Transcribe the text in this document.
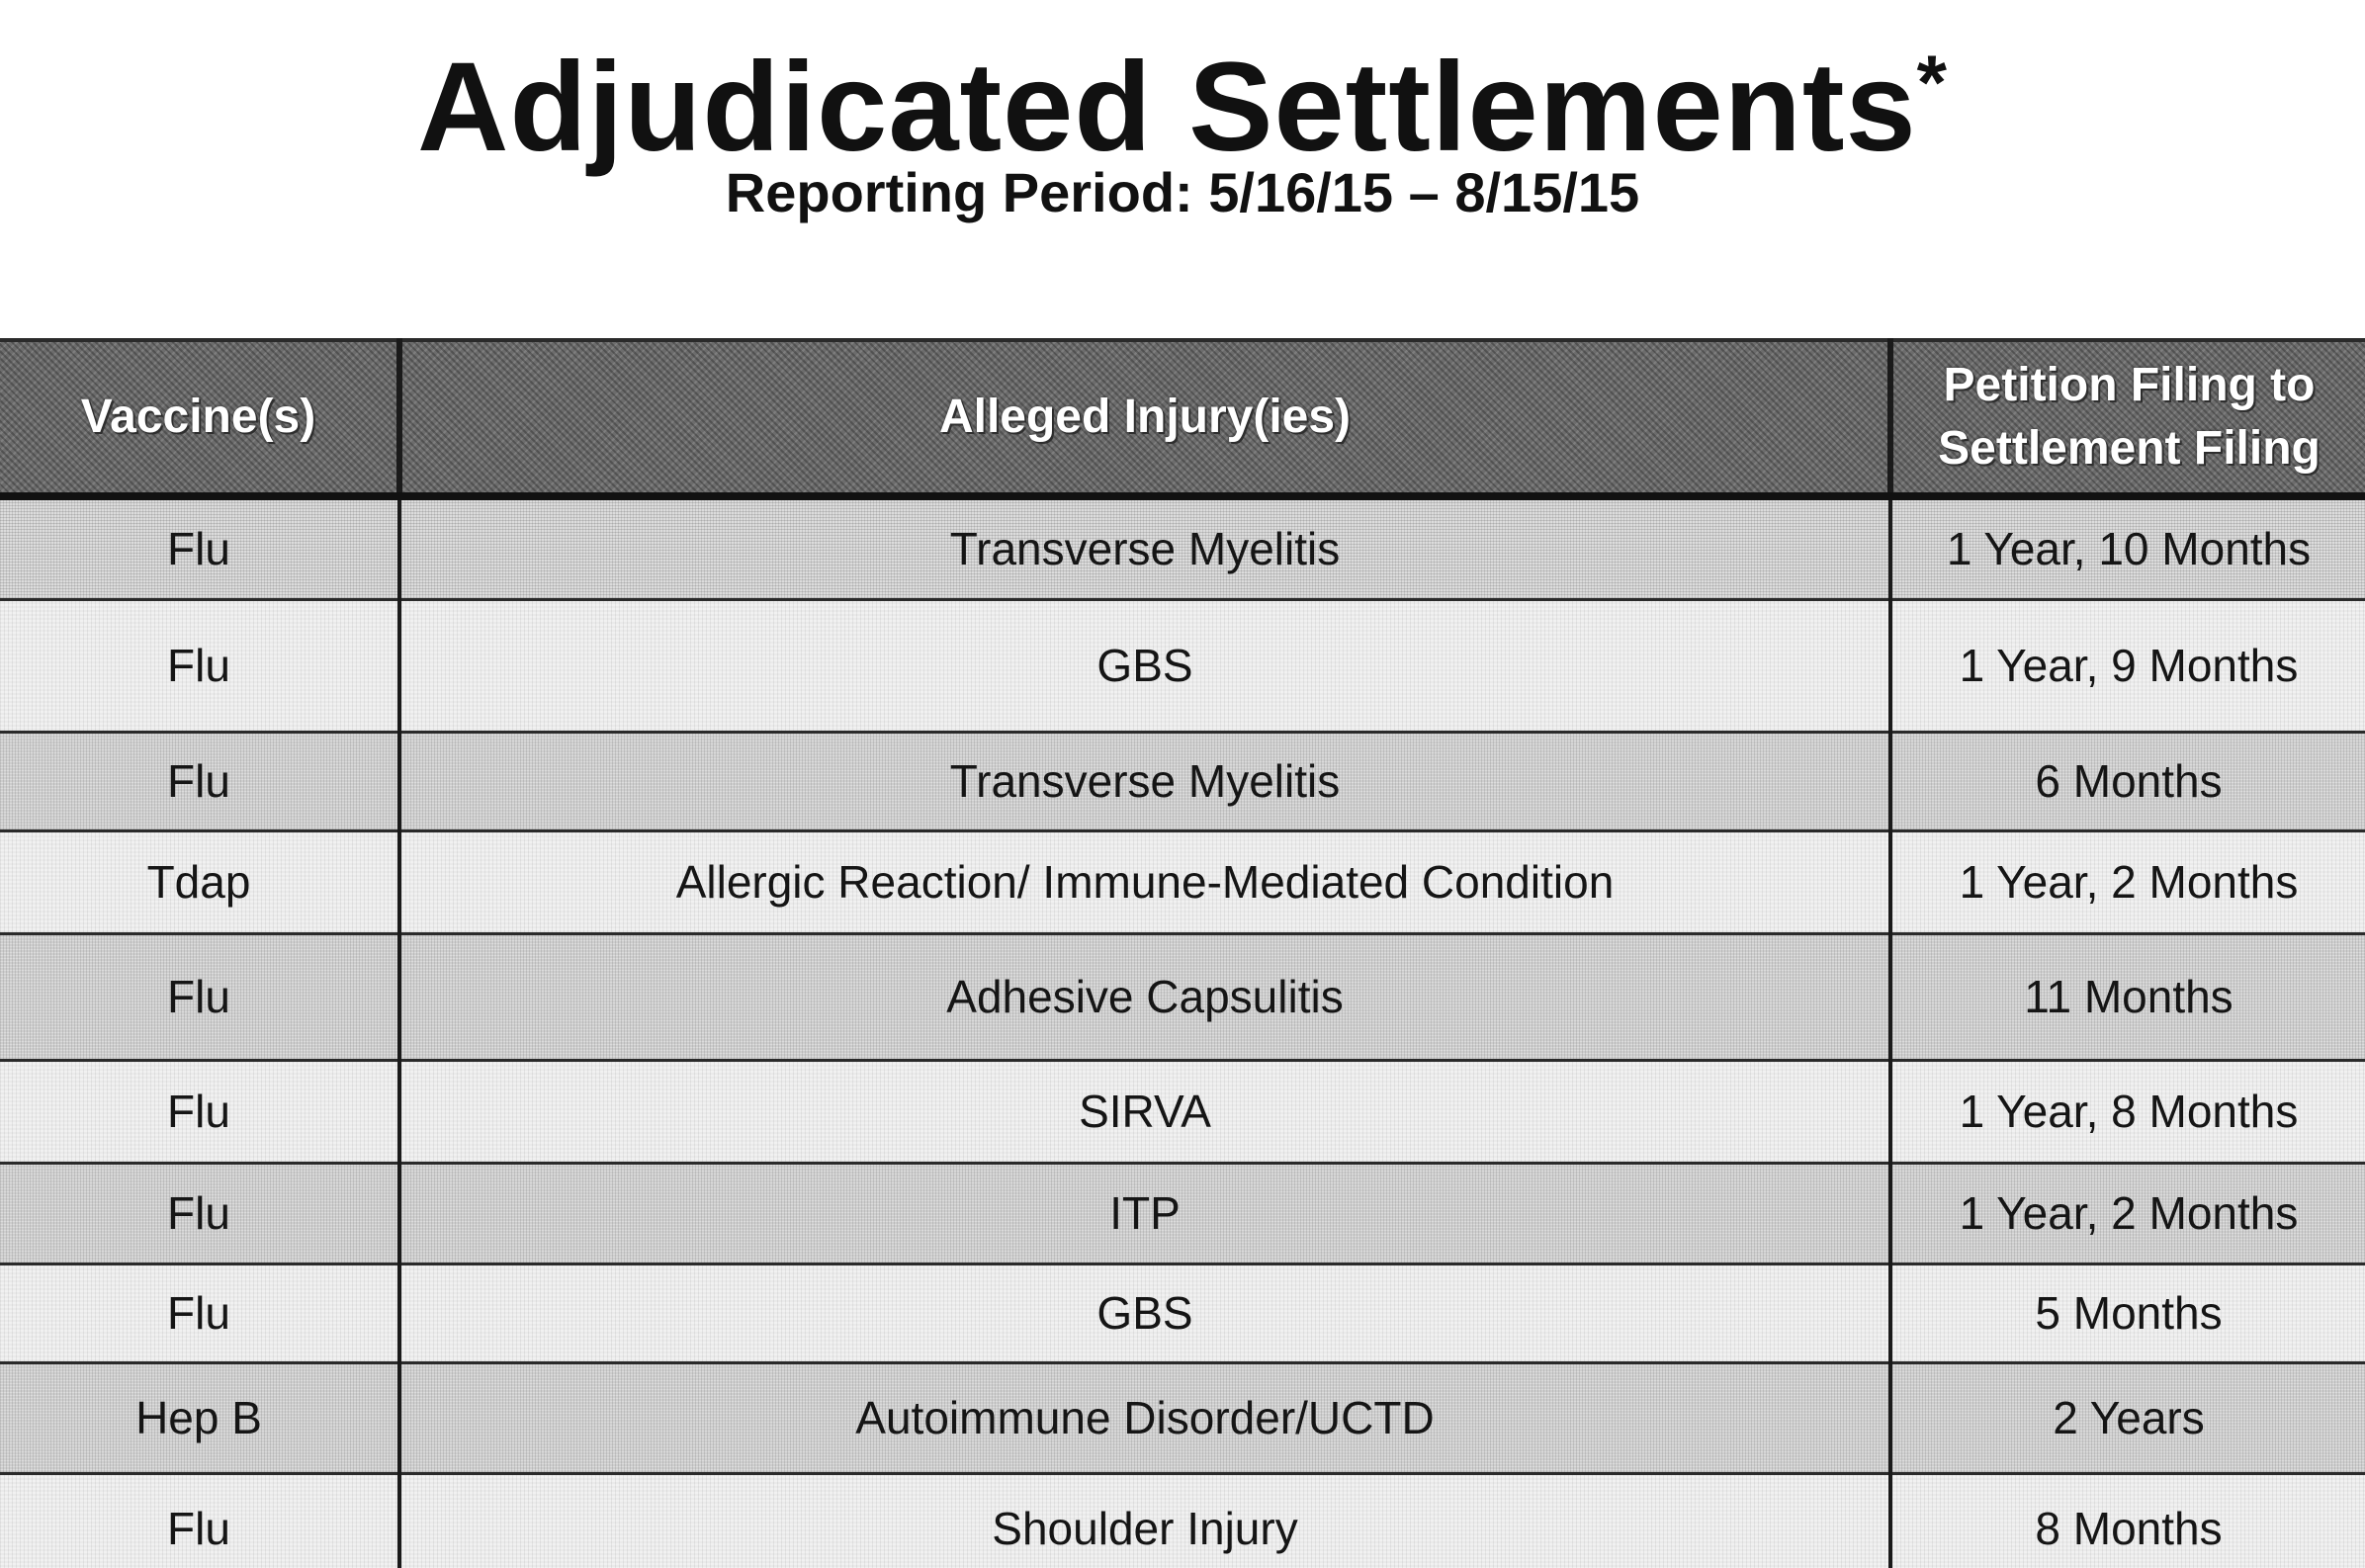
Adjudicated Settlements*
Reporting Period: 5/16/15 – 8/15/15
Vaccine(s)	Alleged Injury(ies)	Petition Filing to
Settlement Filing
Flu	Transverse Myelitis	1 Year, 10 Months
Flu	GBS	1 Year, 9 Months
Flu	Transverse Myelitis	6 Months
Tdap	Allergic Reaction/ Immune-Mediated Condition	1 Year, 2 Months
Flu	Adhesive Capsulitis	11 Months
Flu	SIRVA	1 Year, 8 Months
Flu	ITP	1 Year, 2 Months
Flu	GBS	5 Months
Hep B	Autoimmune Disorder/UCTD	2 Years
Flu	Shoulder Injury	8 Months
